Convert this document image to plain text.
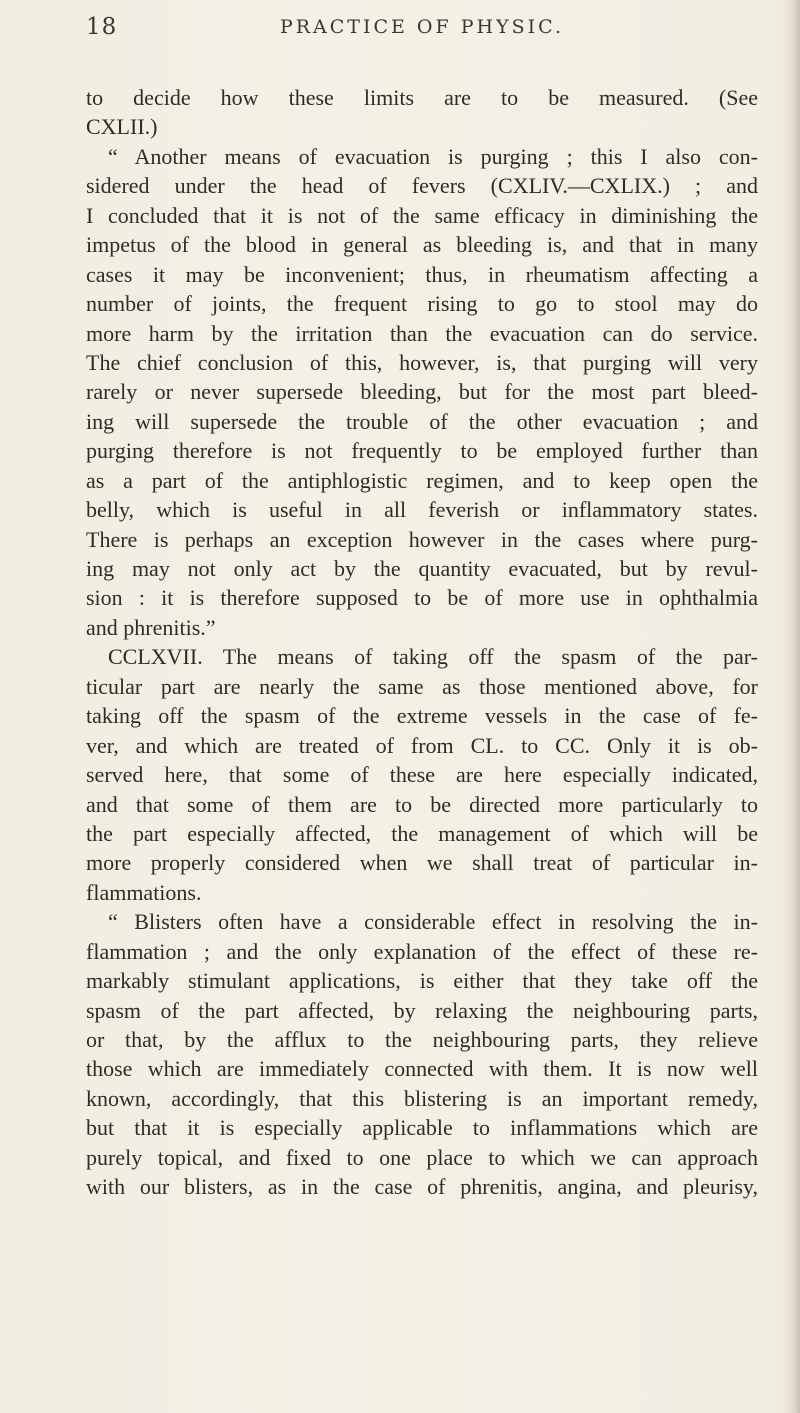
18	PRACTICE OF PHYSIC.
to decide how these limits are to be measured. (See
CXLII.)
“ Another means of evacuation is purging ; this I also con-
sidered under the head of fevers (CXLIV.—CXLIX.) ; and
I concluded that it is not of the same efficacy in diminishing the
impetus of the blood in general as bleeding is, and that in many
cases it may be inconvenient; thus, in rheumatism affecting a
number of joints, the frequent rising to go to stool may do
more harm by the irritation than the evacuation can do service.
The chief conclusion of this, however, is, that purging will very
rarely or never supersede bleeding, but for the most part bleed-
ing will supersede the trouble of the other evacuation ; and
purging therefore is not frequently to be employed further than
as a part of the antiphlogistic regimen, and to keep open the
belly, which is useful in all feverish or inflammatory states.
There is perhaps an exception however in the cases where purg-
ing may not only act by the quantity evacuated, but by revul-
sion : it is therefore supposed to be of more use in ophthalmia
and phrenitis.”
CCLXVII. The means of taking off the spasm of the par-
ticular part are nearly the same as those mentioned above, for
taking off the spasm of the extreme vessels in the case of fe-
ver, and which are treated of from CL. to CC. Only it is ob-
served here, that some of these are here especially indicated,
and that some of them are to be directed more particularly to
the part especially affected, the management of which will be
more properly considered when we shall treat of particular in-
flammations.
“ Blisters often have a considerable effect in resolving the in-
flammation ; and the only explanation of the effect of these re-
markably stimulant applications, is either that they take off the
spasm of the part affected, by relaxing the neighbouring parts,
or that, by the afflux to the neighbouring parts, they relieve
those which are immediately connected with them. It is now well
known, accordingly, that this blistering is an important remedy,
but that it is especially applicable to inflammations which are
purely topical, and fixed to one place to which we can approach
with our blisters, as in the case of phrenitis, angina, and pleurisy,
